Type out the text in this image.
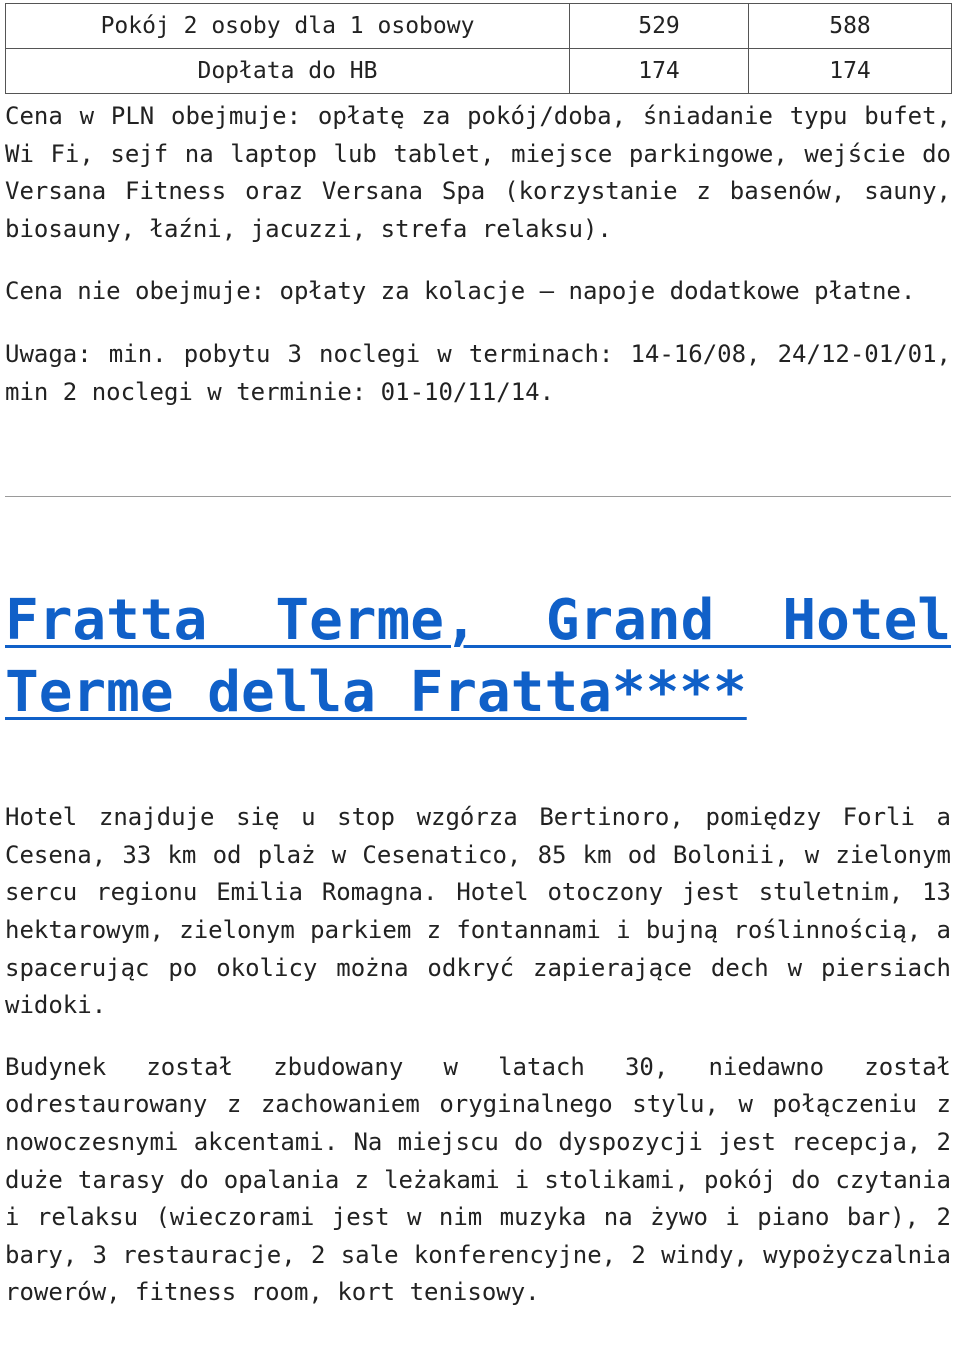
Pokój 2 osoby dla 1 osobowy	529	588
Dopłata do HB	174	174

Cena w PLN obejmuje: opłatę za pokój/doba, śniadanie typu bufet, Wi Fi, sejf na laptop lub tablet, miejsce parkingowe, wejście do Versana Fitness oraz Versana Spa (korzystanie z basenów, sauny, biosauny, łaźni, jacuzzi, strefa relaksu).

Cena nie obejmuje: opłaty za kolacje – napoje dodatkowe płatne.

Uwaga: min. pobytu 3 noclegi w terminach: 14-16/08, 24/12-01/01, min 2 noclegi w terminie: 01-10/11/14.

Fratta Terme, Grand Hotel Terme della Fratta****

Hotel znajduje się u stop wzgórza Bertinoro, pomiędzy Forli a Cesena, 33 km od plaż w Cesenatico, 85 km od Bolonii, w zielonym sercu regionu Emilia Romagna. Hotel otoczony jest stuletnim, 13 hektarowym, zielonym parkiem z fontannami i bujną roślinnością, a spacerując po okolicy można odkryć zapierające dech w piersiach widoki.

Budynek został zbudowany w latach 30, niedawno został odrestaurowany z zachowaniem oryginalnego stylu, w połączeniu z nowoczesnymi akcentami. Na miejscu do dyspozycji jest recepcja, 2 duże tarasy do opalania z leżakami i stolikami, pokój do czytania i relaksu (wieczorami jest w nim muzyka na żywo i piano bar), 2 bary, 3 restauracje, 2 sale konferencyjne, 2 windy, wypożyczalnia rowerów, fitness room, kort tenisowy.
